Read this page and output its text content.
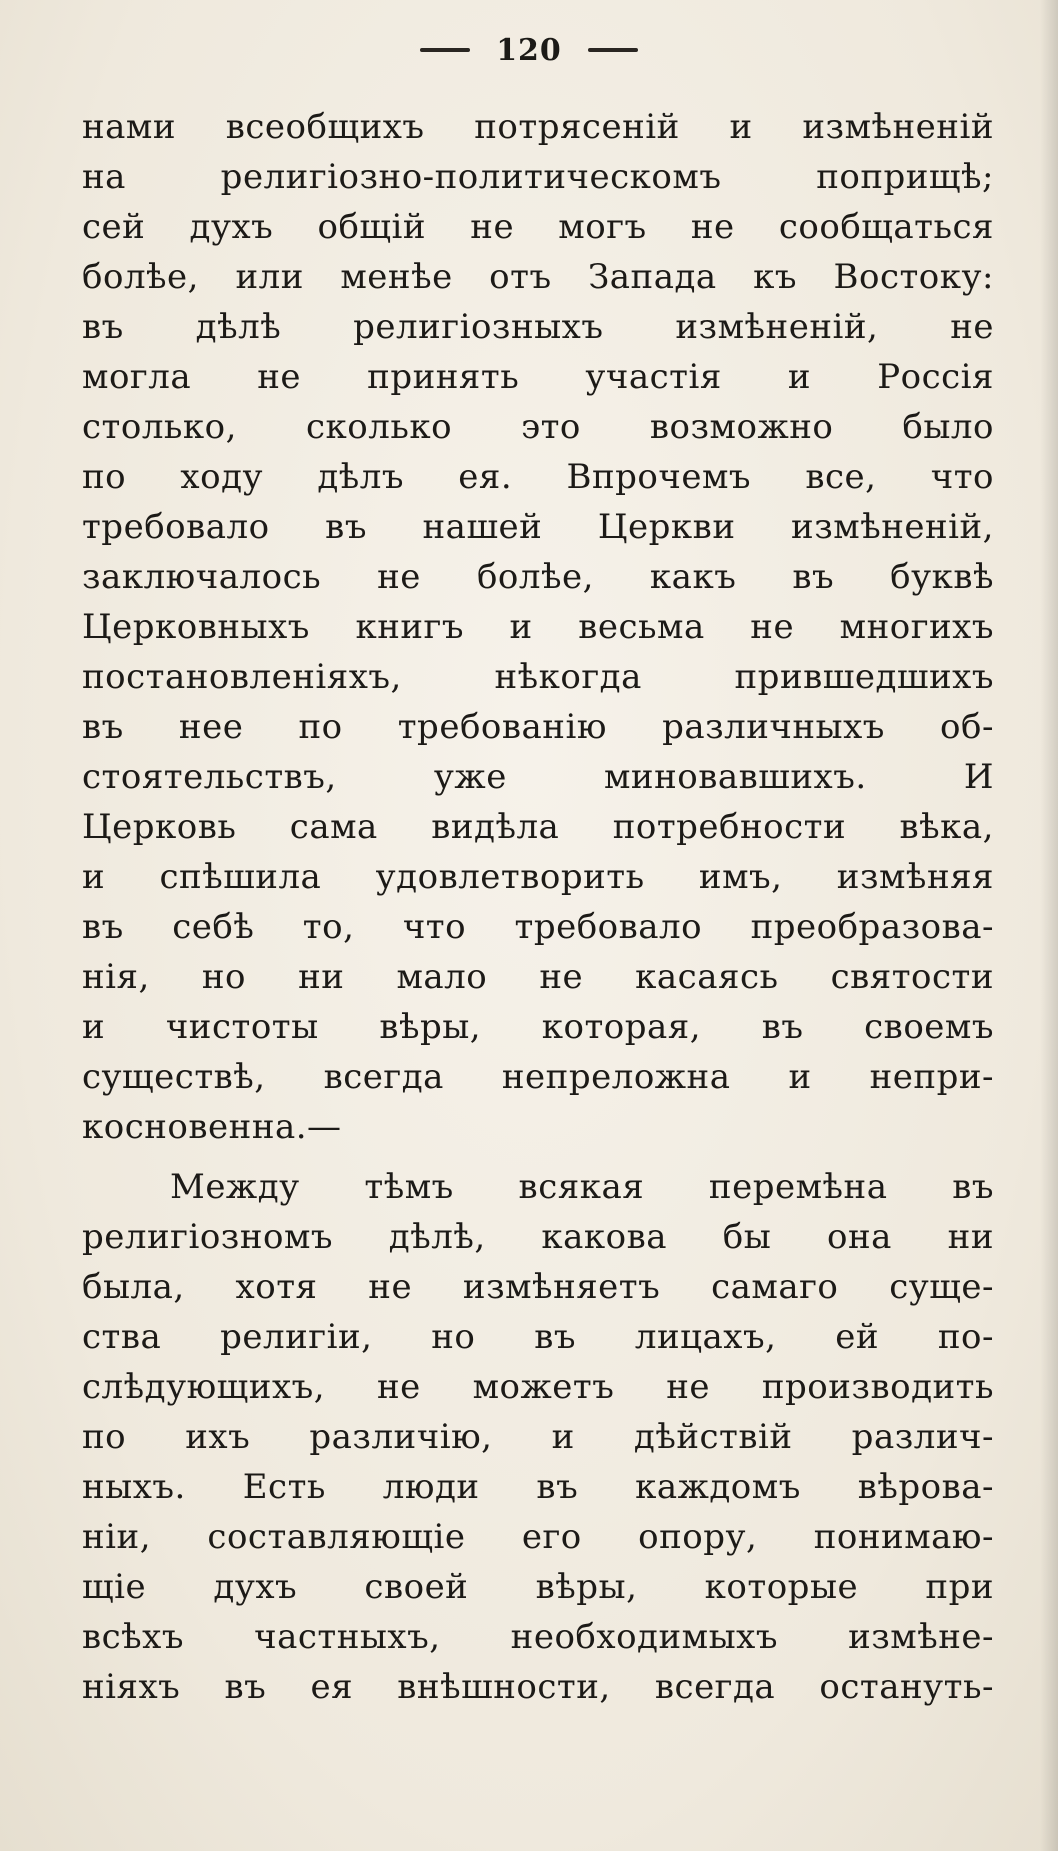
120
нами всеобщихъ потрясеній и измѣненій
на религіозно-политическомъ поприщѣ;
сей духъ общій не могъ не сообщаться
болѣе, или менѣе отъ Запада къ Востоку:
въ дѣлѣ религіозныхъ измѣненій, не
могла не принять участія и Россія
столько, сколько это возможно было
по ходу дѣлъ ея. Впрочемъ все, что
требовало въ нашей Церкви измѣненій,
заключалось не болѣе, какъ въ буквѣ
Церковныхъ книгъ и весьма не многихъ
постановленіяхъ, нѣкогда прившедшихъ
въ нее по требованію различныхъ об-
стоятельствъ, уже миновавшихъ. И
Церковь сама видѣла потребности вѣка,
и спѣшила удовлетворить имъ, измѣняя
въ себѣ то, что требовало преобразова-
нія, но ни мало не касаясь святости
и чистоты вѣры, которая, въ своемъ
существѣ, всегда непреложна и непри-
косновенна.—
Между тѣмъ всякая перемѣна въ
религіозномъ дѣлѣ, какова бы она ни
была, хотя не измѣняетъ самаго суще-
ства религіи, но въ лицахъ, ей по-
слѣдующихъ, не можетъ не производить
по ихъ различію, и дѣйствій различ-
ныхъ. Есть люди въ каждомъ вѣрова-
ніи, составляющіе его опору, понимаю-
щіе духъ своей вѣры, которые при
всѣхъ частныхъ, необходимыхъ измѣне-
ніяхъ въ ея внѣшности, всегда остануть-
